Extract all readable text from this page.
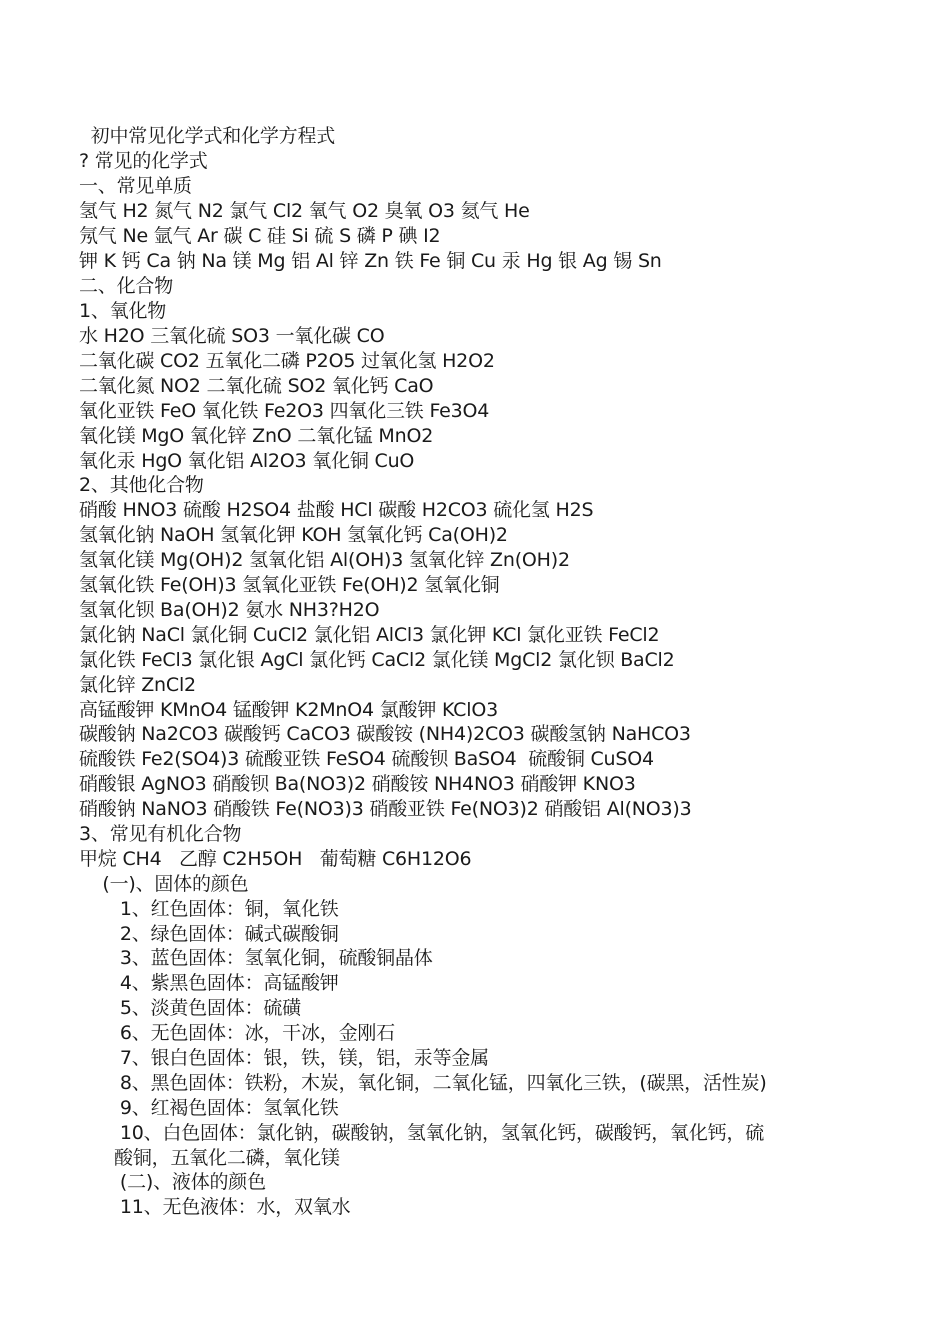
初中常见化学式和化学方程式
? 常见的化学式
一、常见单质
氢气 H2 氮气 N2 氯气 Cl2 氧气 O2 臭氧 O3 氦气 He
氖气 Ne 氩气 Ar 碳 C 硅 Si 硫 S 磷 P 碘 I2
钾 K 钙 Ca 钠 Na 镁 Mg 铝 Al 锌 Zn 铁 Fe 铜 Cu 汞 Hg 银 Ag 锡 Sn
二、化合物
1、氧化物
水 H2O 三氧化硫 SO3 一氧化碳 CO
二氧化碳 CO2 五氧化二磷 P2O5 过氧化氢 H2O2
二氧化氮 NO2 二氧化硫 SO2 氧化钙 CaO
氧化亚铁 FeO 氧化铁 Fe2O3 四氧化三铁 Fe3O4
氧化镁 MgO 氧化锌 ZnO 二氧化锰 MnO2
氧化汞 HgO 氧化铝 Al2O3 氧化铜 CuO
2、其他化合物
硝酸 HNO3 硫酸 H2SO4 盐酸 HCl 碳酸 H2CO3 硫化氢 H2S
氢氧化钠 NaOH 氢氧化钾 KOH 氢氧化钙 Ca(OH)2
氢氧化镁 Mg(OH)2 氢氧化铝 Al(OH)3 氢氧化锌 Zn(OH)2
氢氧化铁 Fe(OH)3 氢氧化亚铁 Fe(OH)2 氢氧化铜
氢氧化钡 Ba(OH)2 氨水 NH3?H2O
氯化钠 NaCl 氯化铜 CuCl2 氯化铝 AlCl3 氯化钾 KCl 氯化亚铁 FeCl2
氯化铁 FeCl3 氯化银 AgCl 氯化钙 CaCl2 氯化镁 MgCl2 氯化钡 BaCl2
氯化锌 ZnCl2
高锰酸钾 KMnO4 锰酸钾 K2MnO4 氯酸钾 KClO3
碳酸钠 Na2CO3 碳酸钙 CaCO3 碳酸铵 (NH4)2CO3 碳酸氢钠 NaHCO3
硫酸铁 Fe2(SO4)3 硫酸亚铁 FeSO4 硫酸钡 BaSO4  硫酸铜 CuSO4
硝酸银 AgNO3 硝酸钡 Ba(NO3)2 硝酸铵 NH4NO3 硝酸钾 KNO3
硝酸钠 NaNO3 硝酸铁 Fe(NO3)3 硝酸亚铁 Fe(NO3)2 硝酸铝 Al(NO3)3
3、常见有机化合物
甲烷 CH4   乙醇 C2H5OH   葡萄糖 C6H12O6
(一)、固体的颜色
1、红色固体：铜，氧化铁
2、绿色固体：碱式碳酸铜
3、蓝色固体：氢氧化铜，硫酸铜晶体
4、紫黑色固体：高锰酸钾
5、淡黄色固体：硫磺
6、无色固体：冰，干冰，金刚石
7、银白色固体：银，铁，镁，铝，汞等金属
8、黑色固体：铁粉，木炭，氧化铜，二氧化锰，四氧化三铁，(碳黑，活性炭)
9、红褐色固体：氢氧化铁
10、白色固体：氯化钠，碳酸钠，氢氧化钠，氢氧化钙，碳酸钙，氧化钙，硫
酸铜，五氧化二磷，氧化镁
(二)、液体的颜色
11、无色液体：水，双氧水
